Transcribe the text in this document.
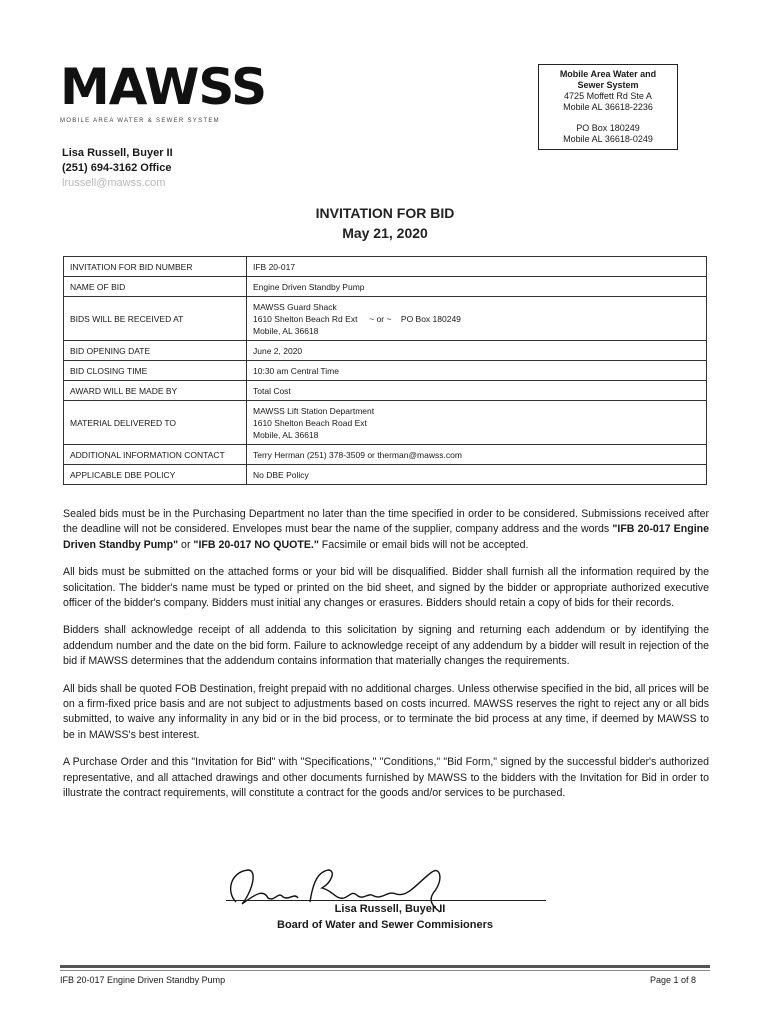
MAWSS
MOBILE AREA WATER & SEWER SYSTEM
Lisa Russell, Buyer II
(251) 694-3162 Office
lrussell@mawss.com
Mobile Area Water and
Sewer System
4725 Moffett Rd Ste A
Mobile AL 36618-2236
PO Box 180249
Mobile AL 36618-0249
INVITATION FOR BID
May 21, 2020
INVITATION FOR BID NUMBER	IFB 20-017

NAME OF BID	Engine Driven Standby Pump

BIDS WILL BE RECEIVED AT	MAWSS Guard Shack
1610 Shelton Beach Rd Ext     ~ or ~    PO Box 180249
Mobile, AL 36618

BID OPENING DATE	June 2, 2020

BID CLOSING TIME	10:30 am Central Time

AWARD WILL BE MADE BY	Total Cost

MATERIAL DELIVERED TO	MAWSS Lift Station Department
1610 Shelton Beach Road Ext
Mobile, AL 36618

ADDITIONAL INFORMATION CONTACT	Terry Herman (251) 378-3509 or therman@mawss.com

APPLICABLE DBE POLICY	No DBE Policy

Sealed bids must be in the Purchasing Department no later than the time specified in order to be considered. Submissions received after the deadline will not be considered. Envelopes must bear the name of the supplier, company address and the words "IFB 20-017 Engine Driven Standby Pump" or "IFB 20-017 NO QUOTE." Facsimile or email bids will not be accepted.

All bids must be submitted on the attached forms or your bid will be disqualified. Bidder shall furnish all the information required by the solicitation. The bidder's name must be typed or printed on the bid sheet, and signed by the bidder or appropriate authorized executive officer of the bidder's company. Bidders must initial any changes or erasures. Bidders should retain a copy of bids for their records.

Bidders shall acknowledge receipt of all addenda to this solicitation by signing and returning each addendum or by identifying the addendum number and the date on the bid form. Failure to acknowledge receipt of any addendum by a bidder will result in rejection of the bid if MAWSS determines that the addendum contains information that materially changes the requirements.

All bids shall be quoted FOB Destination, freight prepaid with no additional charges. Unless otherwise specified in the bid, all prices will be on a firm-fixed price basis and are not subject to adjustments based on costs incurred. MAWSS reserves the right to reject any or all bids submitted, to waive any informality in any bid or in the bid process, or to terminate the bid process at any time, if deemed by MAWSS to be in MAWSS's best interest.

A Purchase Order and this "Invitation for Bid" with "Specifications," "Conditions," "Bid Form," signed by the successful bidder's authorized representative, and all attached drawings and other documents furnished by MAWSS to the bidders with the Invitation for Bid in order to illustrate the contract requirements, will constitute a contract for the goods and/or services to be purchased.

Lisa Russell, Buyer II
Board of Water and Sewer Commisioners
IFB 20-017 Engine Driven Standby Pump	Page 1 of 8
